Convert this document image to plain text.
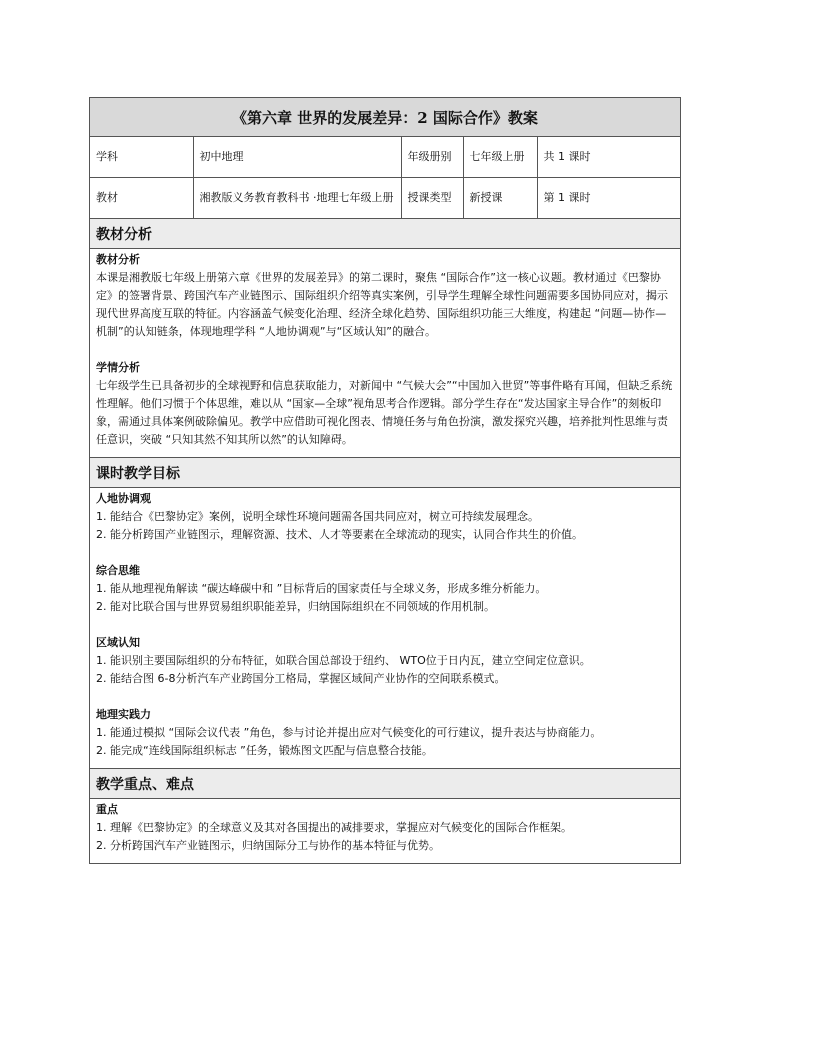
《第六章 世界的发展差异：2 国际合作》教案
学科	初中地理	年级册别	七年级上册	共 1 课时
教材	湘教版义务教育教科书 ·地理七年级上册	授课类型	新授课	第 1 课时
教材分析

教材分析

本课是湘教版七年级上册第六章《世界的发展差异》的第二课时，聚焦 “国际合作”这一核心议题。教材通过《巴黎协定》的签署背景、跨国汽车产业链图示、国际组织介绍等真实案例，引导学生理解全球性问题需要多国协同应对，揭示现代世界高度互联的特征。内容涵盖气候变化治理、经济全球化趋势、国际组织功能三大维度，构建起 “问题—协作—机制”的认知链条，体现地理学科 “人地协调观”与“区域认知”的融合。

学情分析

七年级学生已具备初步的全球视野和信息获取能力，对新闻中 “气候大会”“中国加入世贸”等事件略有耳闻，但缺乏系统性理解。他们习惯于个体思维，难以从 “国家—全球”视角思考合作逻辑。部分学生存在“发达国家主导合作”的刻板印象，需通过具体案例破除偏见。教学中应借助可视化图表、情境任务与角色扮演，激发探究兴趣，培养批判性思维与责任意识，突破 “只知其然不知其所以然”的认知障碍。

课时教学目标

人地协调观

1. 能结合《巴黎协定》案例，说明全球性环境问题需各国共同应对，树立可持续发展理念。

2. 能分析跨国产业链图示，理解资源、技术、人才等要素在全球流动的现实，认同合作共生的价值。

综合思维

1. 能从地理视角解读 “碳达峰碳中和 ”目标背后的国家责任与全球义务，形成多维分析能力。

2. 能对比联合国与世界贸易组织职能差异，归纳国际组织在不同领域的作用机制。

区域认知

1. 能识别主要国际组织的分布特征，如联合国总部设于纽约、 WTO位于日内瓦，建立空间定位意识。

2. 能结合图 6-8分析汽车产业跨国分工格局，掌握区域间产业协作的空间联系模式。

地理实践力

1. 能通过模拟 “国际会议代表 ”角色，参与讨论并提出应对气候变化的可行建议，提升表达与协商能力。

2. 能完成“连线国际组织标志 ”任务，锻炼图文匹配与信息整合技能。

教学重点、难点

重点

1. 理解《巴黎协定》的全球意义及其对各国提出的减排要求，掌握应对气候变化的国际合作框架。

2. 分析跨国汽车产业链图示，归纳国际分工与协作的基本特征与优势。
